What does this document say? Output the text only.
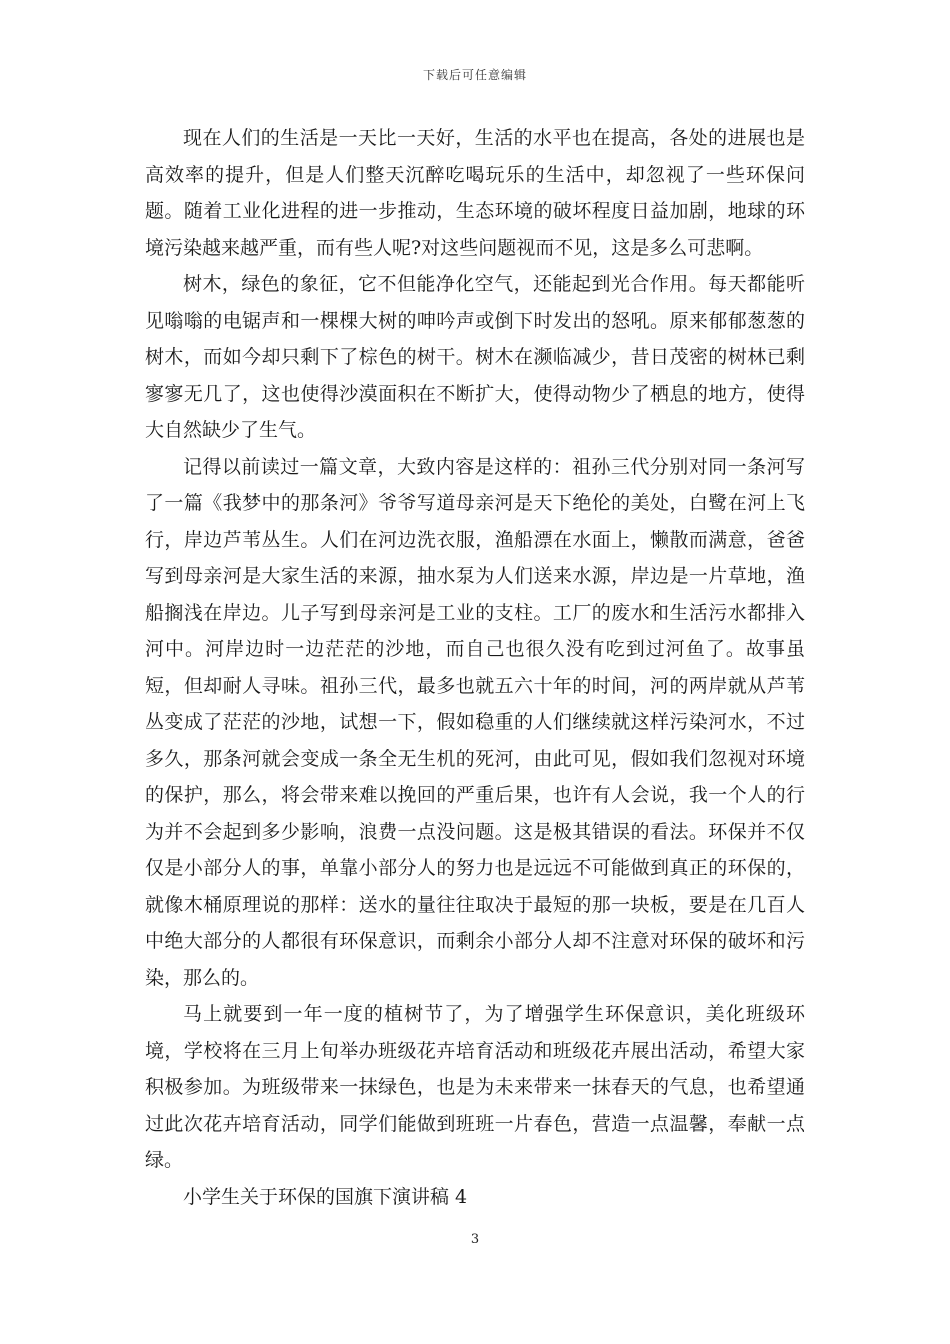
下载后可任意编辑

现在人们的生活是一天比一天好，生活的水平也在提高，各处的进展也是高效率的提升，但是人们整天沉醉吃喝玩乐的生活中，却忽视了一些环保问题。随着工业化进程的进一步推动，生态环境的破坏程度日益加剧，地球的环境污染越来越严重，而有些人呢?对这些问题视而不见，这是多么可悲啊。

树木，绿色的象征，它不但能净化空气，还能起到光合作用。每天都能听见嗡嗡的电锯声和一棵棵大树的呻吟声或倒下时发出的怒吼。原来郁郁葱葱的树木，而如今却只剩下了棕色的树干。树木在濒临减少，昔日茂密的树林已剩寥寥无几了，这也使得沙漠面积在不断扩大，使得动物少了栖息的地方，使得大自然缺少了生气。

记得以前读过一篇文章，大致内容是这样的：祖孙三代分别对同一条河写了一篇《我梦中的那条河》爷爷写道母亲河是天下绝伦的美处，白鹭在河上飞行，岸边芦苇丛生。人们在河边洗衣服，渔船漂在水面上，懒散而满意，爸爸写到母亲河是大家生活的来源，抽水泵为人们送来水源，岸边是一片草地，渔船搁浅在岸边。儿子写到母亲河是工业的支柱。工厂的废水和生活污水都排入河中。河岸边时一边茫茫的沙地，而自己也很久没有吃到过河鱼了。故事虽短，但却耐人寻味。祖孙三代，最多也就五六十年的时间，河的两岸就从芦苇丛变成了茫茫的沙地，试想一下，假如稳重的人们继续就这样污染河水，不过多久，那条河就会变成一条全无生机的死河，由此可见，假如我们忽视对环境的保护，那么，将会带来难以挽回的严重后果，也许有人会说，我一个人的行为并不会起到多少影响，浪费一点没问题。这是极其错误的看法。环保并不仅仅是小部分人的事，单靠小部分人的努力也是远远不可能做到真正的环保的，就像木桶原理说的那样：送水的量往往取决于最短的那一块板，要是在几百人中绝大部分的人都很有环保意识，而剩余小部分人却不注意对环保的破坏和污染，那么的。

马上就要到一年一度的植树节了，为了增强学生环保意识，美化班级环境，学校将在三月上旬举办班级花卉培育活动和班级花卉展出活动，希望大家积极参加。为班级带来一抹绿色，也是为未来带来一抹春天的气息，也希望通过此次花卉培育活动，同学们能做到班班一片春色，营造一点温馨，奉献一点绿。

小学生关于环保的国旗下演讲稿 4

3
